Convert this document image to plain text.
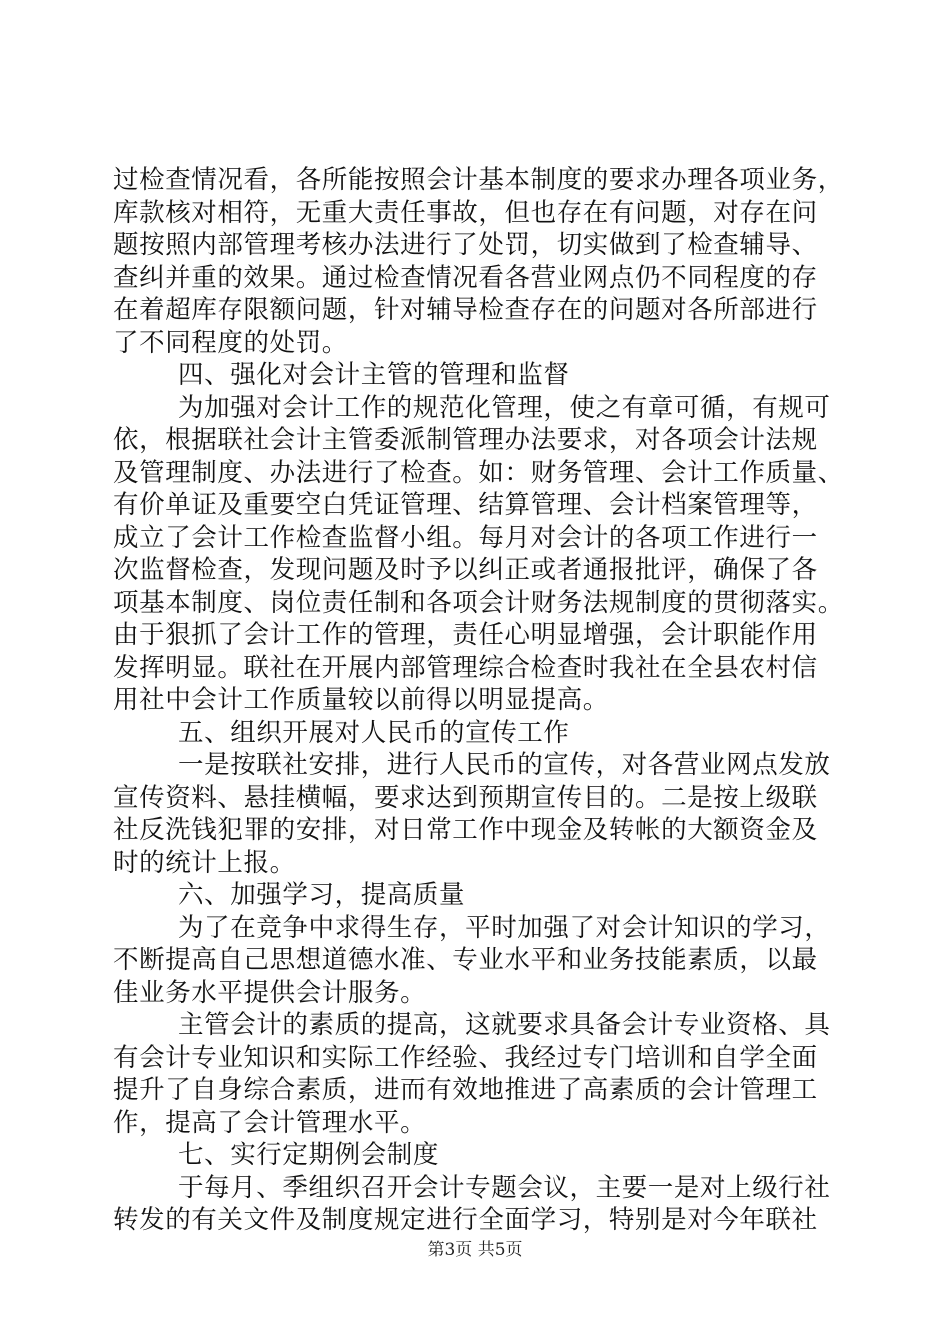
过检查情况看，各所能按照会计基本制度的要求办理各项业务，
库款核对相符，无重大责任事故，但也存在有问题，对存在问
题按照内部管理考核办法进行了处罚，切实做到了检查辅导、
查纠并重的效果。通过检查情况看各营业网点仍不同程度的存
在着超库存限额问题，针对辅导检查存在的问题对各所部进行
了不同程度的处罚。
四、强化对会计主管的管理和监督
为加强对会计工作的规范化管理，使之有章可循，有规可
依，根据联社会计主管委派制管理办法要求，对各项会计法规
及管理制度、办法进行了检查。如：财务管理、会计工作质量、
有价单证及重要空白凭证管理、结算管理、会计档案管理等，
成立了会计工作检查监督小组。每月对会计的各项工作进行一
次监督检查，发现问题及时予以纠正或者通报批评，确保了各
项基本制度、岗位责任制和各项会计财务法规制度的贯彻落实。
由于狠抓了会计工作的管理，责任心明显增强，会计职能作用
发挥明显。联社在开展内部管理综合检查时我社在全县农村信
用社中会计工作质量较以前得以明显提高。
五、组织开展对人民币的宣传工作
一是按联社安排，进行人民币的宣传，对各营业网点发放
宣传资料、悬挂横幅，要求达到预期宣传目的。二是按上级联
社反洗钱犯罪的安排，对日常工作中现金及转帐的大额资金及
时的统计上报。
六、加强学习，提高质量
为了在竞争中求得生存，平时加强了对会计知识的学习，
不断提高自己思想道德水准、专业水平和业务技能素质，以最
佳业务水平提供会计服务。
主管会计的素质的提高，这就要求具备会计专业资格、具
有会计专业知识和实际工作经验、我经过专门培训和自学全面
提升了自身综合素质，进而有效地推进了高素质的会计管理工
作，提高了会计管理水平。
七、实行定期例会制度
于每月、季组织召开会计专题会议，主要一是对上级行社
转发的有关文件及制度规定进行全面学习，特别是对今年联社
第3页 共5页
